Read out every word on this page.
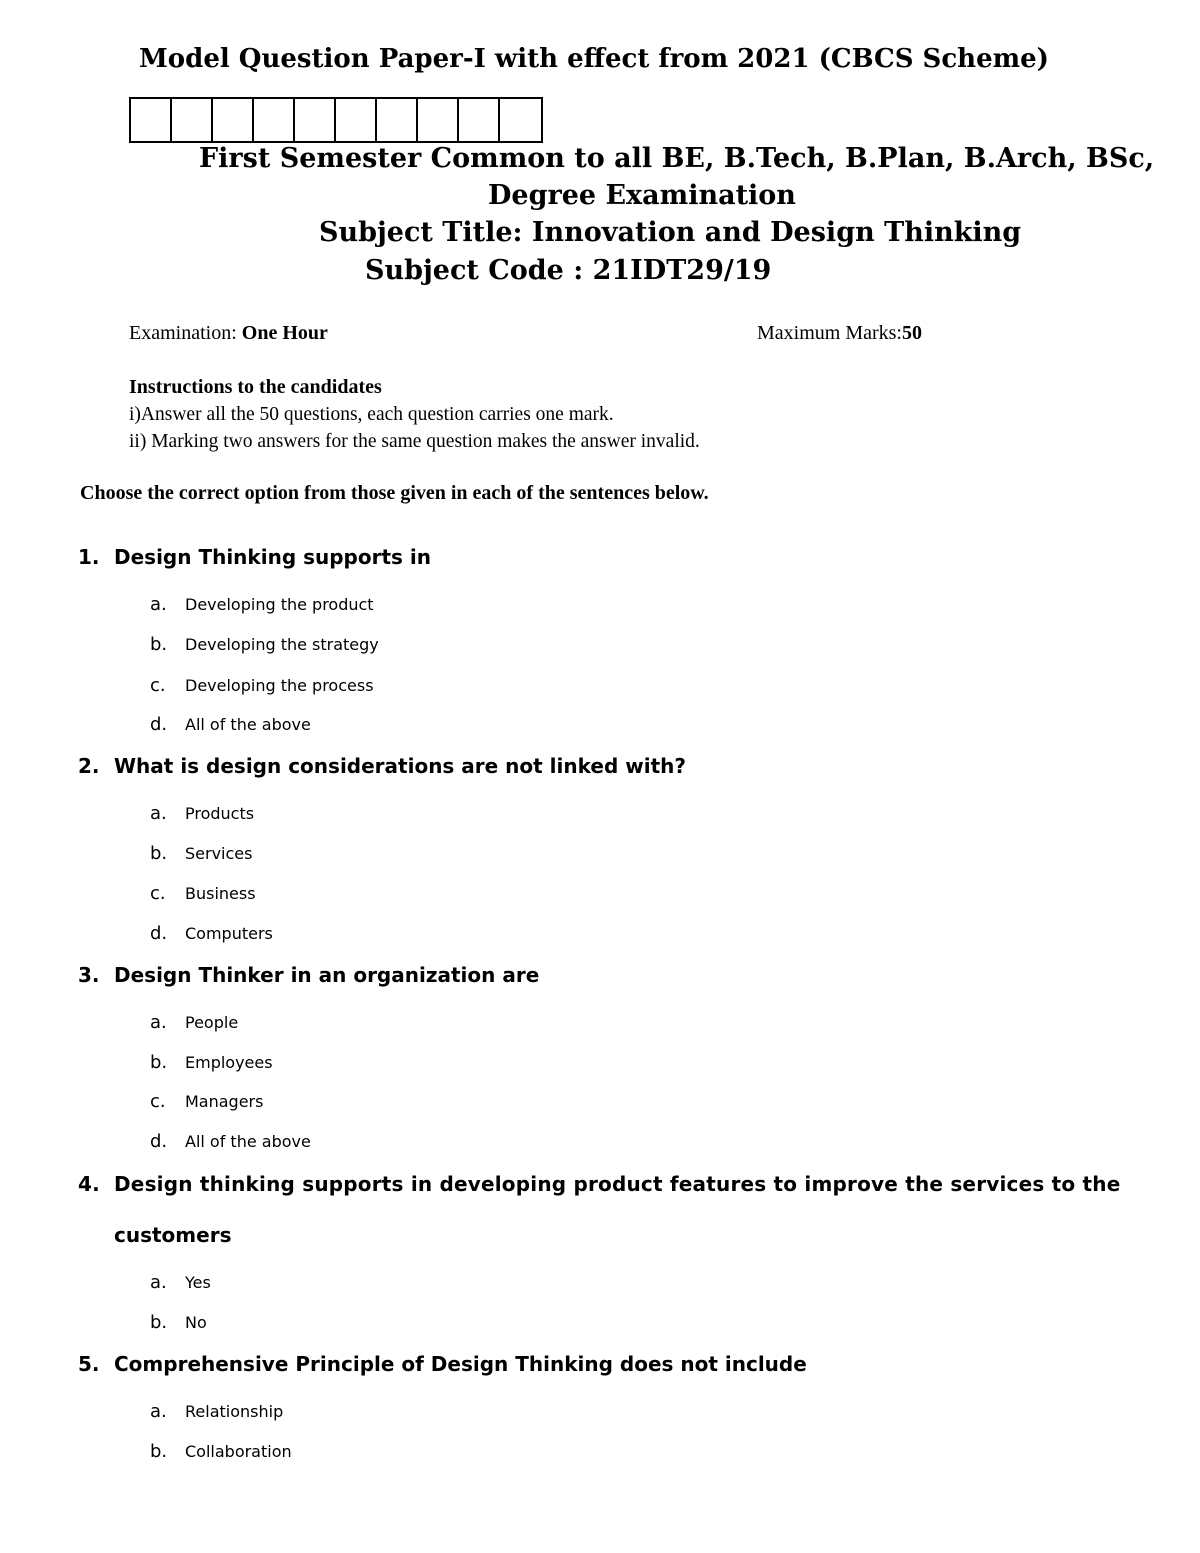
Model Question Paper-I with effect from 2021 (CBCS Scheme)
First Semester Common to all BE, B.Tech, B.Plan, B.Arch, BSc,
Degree Examination
Subject Title: Innovation and Design Thinking
Subject Code : 21IDT29/19
Examination: One Hour	Maximum Marks:50
Instructions to the candidates
i)Answer all the 50 questions, each question carries one mark.
ii) Marking two answers for the same question makes the answer invalid.
Choose the correct option from those given in each of the sentences below.
1. Design Thinking supports in
a. Developing the product
b. Developing the strategy
c. Developing the process
d. All of the above
2. What is design considerations are not linked with?
a. Products
b. Services
c. Business
d. Computers
3. Design Thinker in an organization are
a. People
b. Employees
c. Managers
d. All of the above
4. Design thinking supports in developing product features to improve the services to the
customers
a. Yes
b. No
5. Comprehensive Principle of Design Thinking does not include
a. Relationship
b. Collaboration
